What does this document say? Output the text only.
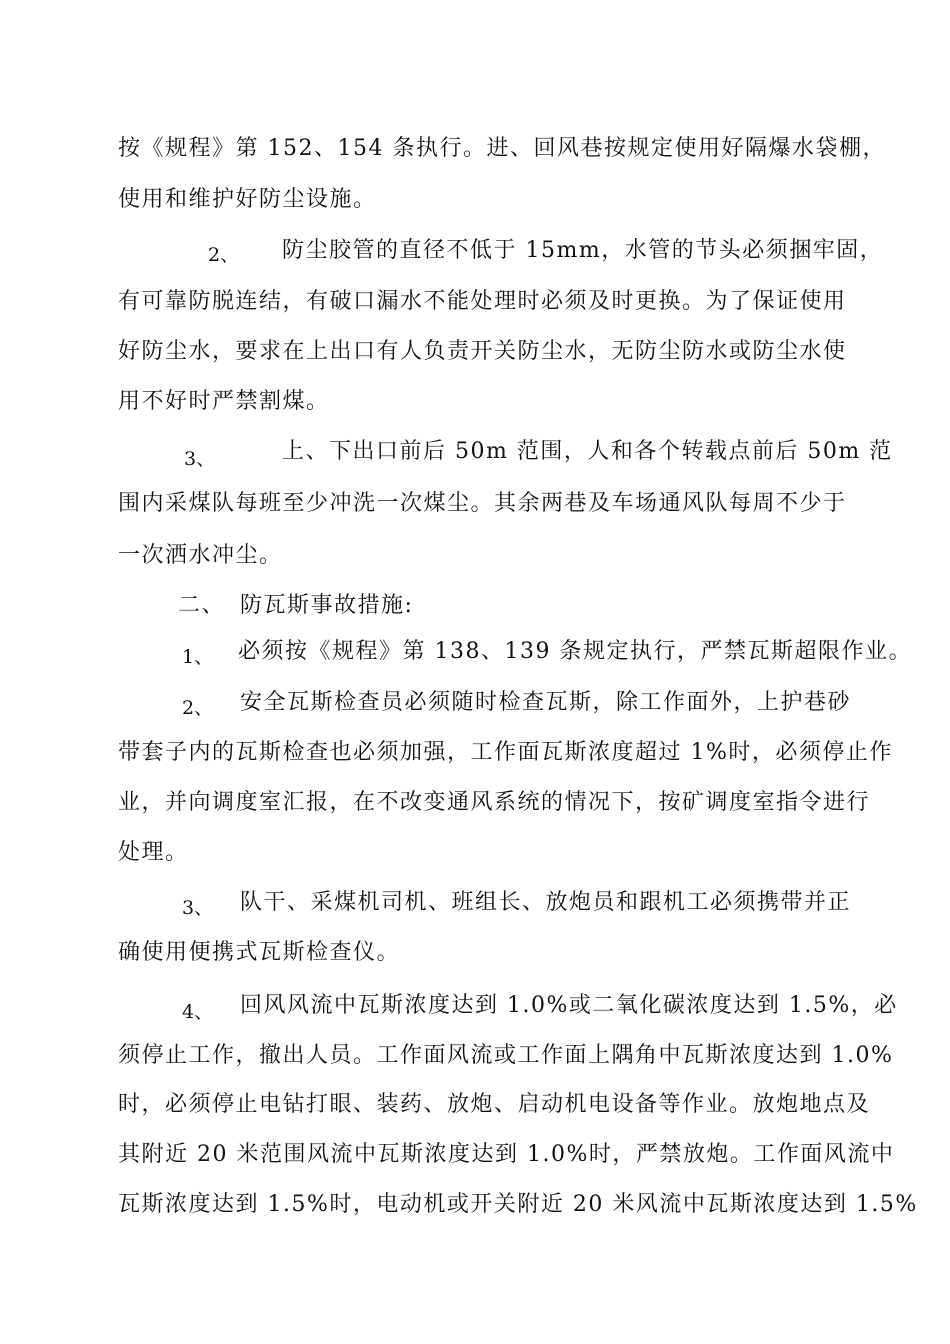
按《规程》第 152、154 条执行。进、回风巷按规定使用好隔爆水袋棚，
使用和维护好防尘设施。
2、 防尘胶管的直径不低于 15mm，水管的节头必须捆牢固，
有可靠防脱连结，有破口漏水不能处理时必须及时更换。为了保证使用
好防尘水，要求在上出口有人负责开关防尘水，无防尘防水或防尘水使
用不好时严禁割煤。
3、	上、下出口前后 50m 范围，人和各个转载点前后 50m 范
围内采煤队每班至少冲洗一次煤尘。其余两巷及车场通风队每周不少于
一次洒水冲尘。
二、 防瓦斯事故措施:
1、 必须按《规程》第 138、139 条规定执行，严禁瓦斯超限作业。
2、 安全瓦斯检查员必须随时检查瓦斯，除工作面外，上护巷砂
带套子内的瓦斯检查也必须加强，工作面瓦斯浓度超过 1%时，必须停止作
业，并向调度室汇报，在不改变通风系统的情况下，按矿调度室指令进行
处理。
3、 队干、采煤机司机、班组长、放炮员和跟机工必须携带并正
确使用便携式瓦斯检查仪。
4、 回风风流中瓦斯浓度达到 1.0%或二氧化碳浓度达到 1.5%，必
须停止工作，撤出人员。工作面风流或工作面上隅角中瓦斯浓度达到 1.0%
时，必须停止电钻打眼、装药、放炮、启动机电设备等作业。放炮地点及
其附近 20 米范围风流中瓦斯浓度达到 1.0%时，严禁放炮。工作面风流中
瓦斯浓度达到 1.5%时，电动机或开关附近 20 米风流中瓦斯浓度达到 1.5%
